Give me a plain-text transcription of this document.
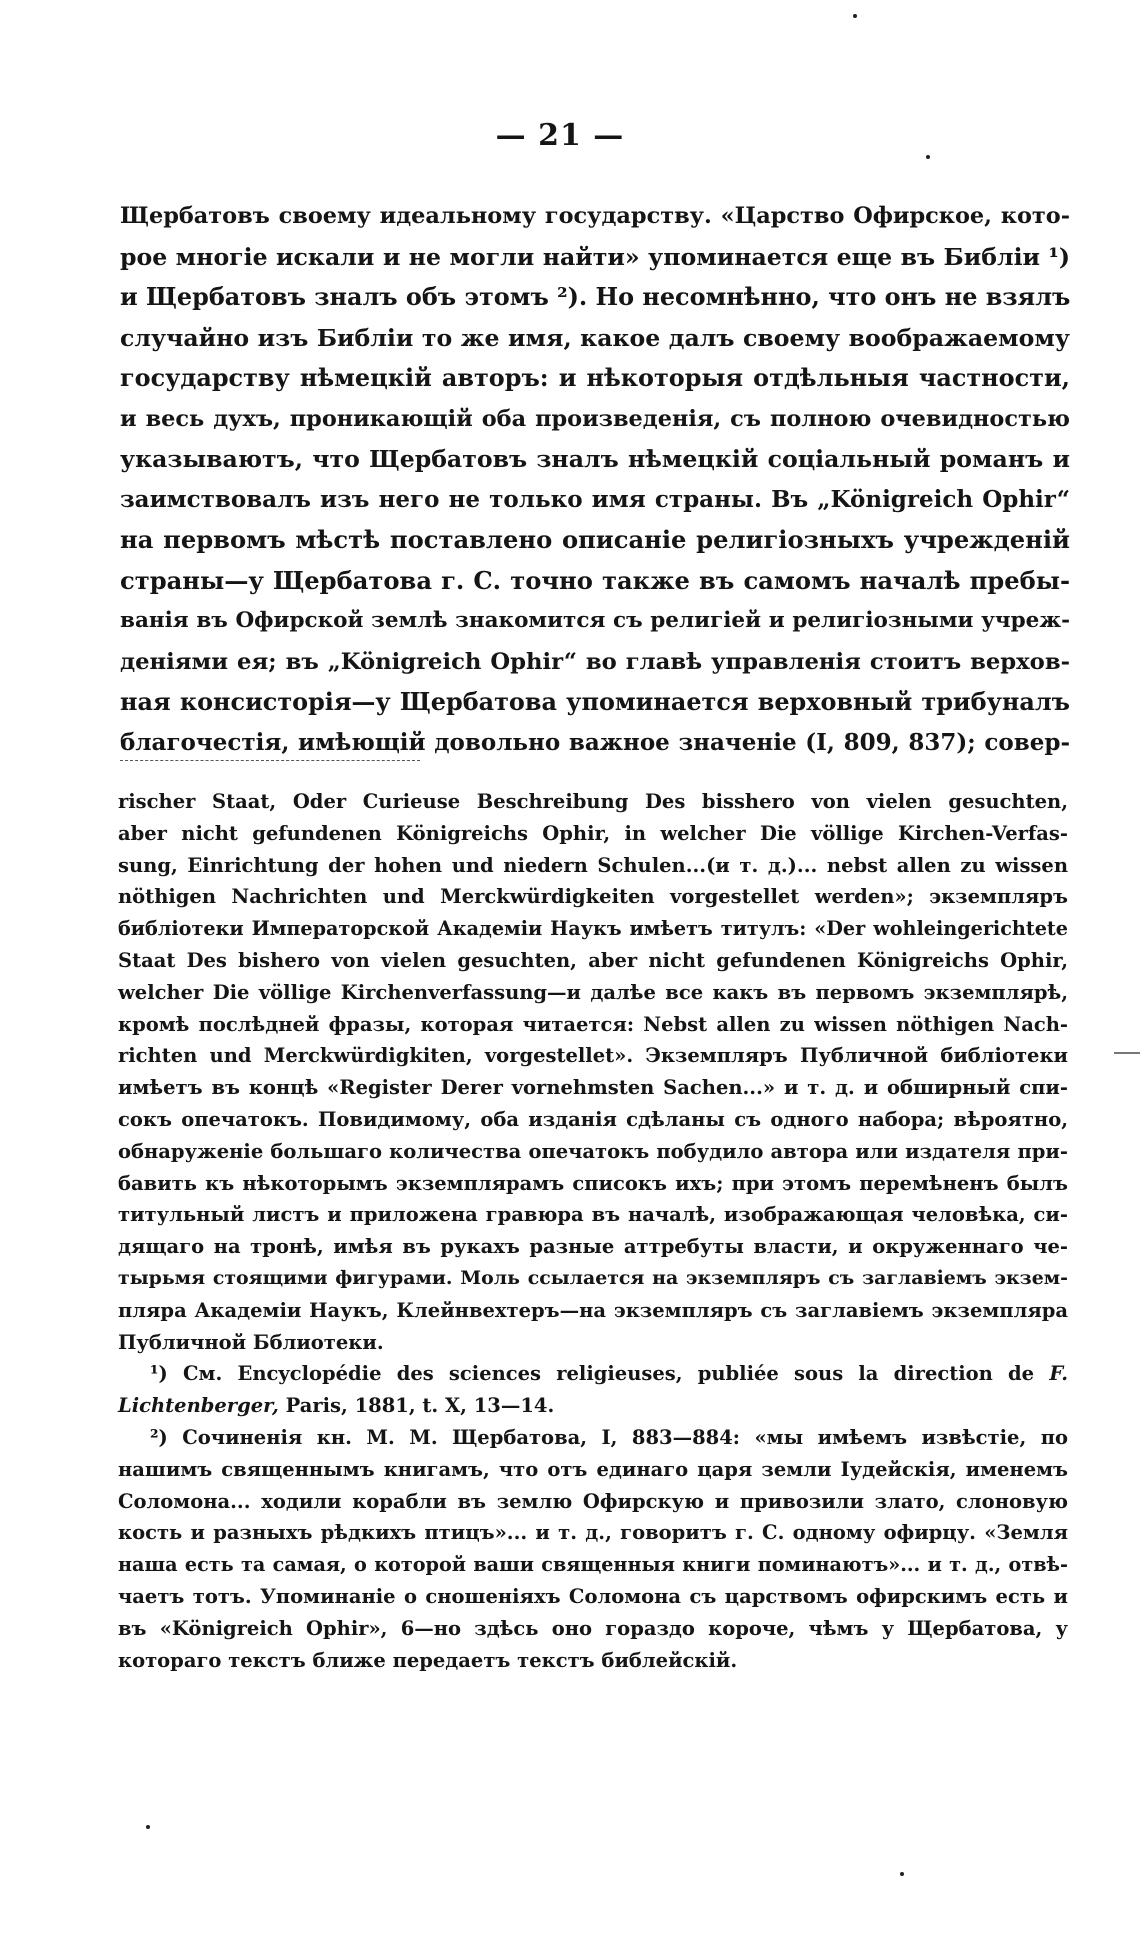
— 21 —
Щербатовъ своему идеальному государству. «Царство Офирское, кото-
рое многіе искали и не могли найти» упоминается еще въ Библіи ¹)
и Щербатовъ зналъ объ этомъ ²). Но несомнѣнно, что онъ не взялъ
случайно изъ Библіи то же имя, какое далъ своему воображаемому
государству нѣмецкій авторъ: и нѣкоторыя отдѣльныя частности,
и весь духъ, проникающій оба произведенія, съ полною очевидностью
указываютъ, что Щербатовъ зналъ нѣмецкій соціальный романъ и
заимствовалъ изъ него не только имя страны. Въ „Königreich Ophir“
на первомъ мѣстѣ поставлено описаніе религіозныхъ учрежденій
страны—у Щербатова г. С. точно также въ самомъ началѣ пребы-
ванія въ Офирской землѣ знакомится съ религіей и религіозными учреж-
деніями ея; въ „Königreich Ophir“ во главѣ управленія стоитъ верхов-
ная консисторія—у Щербатова упоминается верховный трибуналъ
благочестія, имѣющій довольно важное значеніе (I, 809, 837); совер-
rischer Staat, Oder Curieuse Beschreibung Des bisshero von vielen gesuchten,
aber nicht gefundenen Königreichs Ophir, in welcher Die völlige Kirchen-Verfas-
sung, Einrichtung der hohen und niedern Schulen...(и т. д.)... nebst allen zu wissen
nöthigen Nachrichten und Merckwürdigkeiten vorgestellet werden»; экземпляръ
библіотеки Императорской Академіи Наукъ имѣетъ титулъ: «Der wohleingerichtete
Staat Des bishero von vielen gesuchten, aber nicht gefundenen Königreichs Ophir,
welcher Die völlige Kirchenverfassung—и далѣе все какъ въ первомъ экземплярѣ,
кромѣ послѣдней фразы, которая читается: Nebst allen zu wissen nöthigen Nach-
richten und Merckwürdigkiten, vorgestellet». Экземпляръ Публичной библіотеки
имѣетъ въ концѣ «Register Derer vornehmsten Sachen...» и т. д. и обширный спи-
сокъ опечатокъ. Повидимому, оба изданія сдѣланы съ одного набора; вѣроятно,
обнаруженіе большаго количества опечатокъ побудило автора или издателя при-
бавить къ нѣкоторымъ экземплярамъ списокъ ихъ; при этомъ перемѣненъ былъ
титульный листъ и приложена гравюра въ началѣ, изображающая человѣка, си-
дящаго на тронѣ, имѣя въ рукахъ разные аттребуты власти, и окруженнаго че-
тырьмя стоящими фигурами. Моль ссылается на экземпляръ съ заглавіемъ экзем-
пляра Академіи Наукъ, Клейнвехтеръ—на экземпляръ съ заглавіемъ экземпляра
Публичной Бблиотеки.
¹) См. Encyclopédie des sciences religieuses, publiée sous la direction de F.
Lichtenberger, Paris, 1881, t. X, 13—14.
²) Сочиненія кн. М. М. Щербатова, I, 883—884: «мы имѣемъ извѣстіе, по
нашимъ священнымъ книгамъ, что отъ единаго царя земли Іудейскія, именемъ
Соломона... ходили корабли въ землю Офирскую и привозили злато, слоновую
кость и разныхъ рѣдкихъ птицъ»... и т. д., говоритъ г. С. одному офирцу. «Земля
наша есть та самая, о которой ваши священныя книги поминаютъ»... и т. д., отвѣ-
чаетъ тотъ. Упоминаніе о сношеніяхъ Соломона съ царствомъ офирскимъ есть и
въ «Königreich Ophir», 6—но здѣсь оно гораздо короче, чѣмъ у Щербатова, у
котораго текстъ ближе передаетъ текстъ библейскій.
